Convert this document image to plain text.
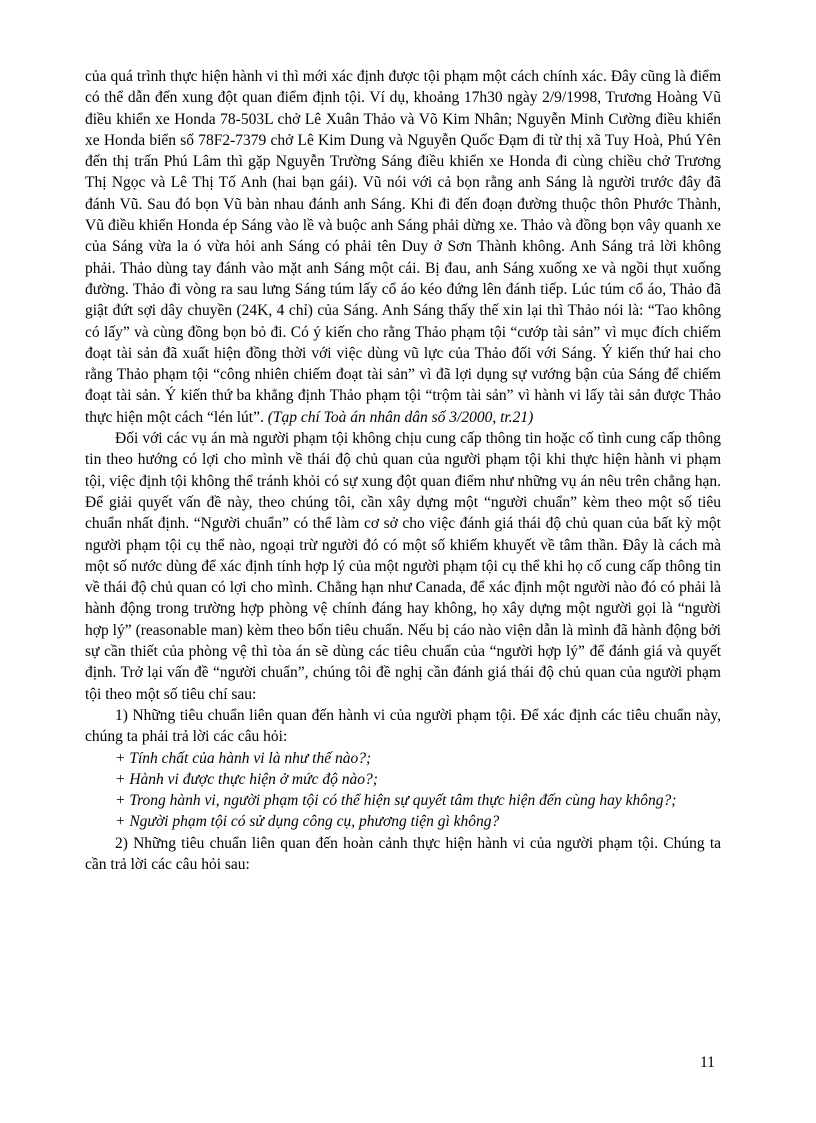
của quá trình thực hiện hành vi thì mới xác định được tội phạm một cách chính xác. Đây cũng là điểm có thể dẫn đến xung đột quan điểm định tội. Ví dụ, khoảng 17h30 ngày 2/9/1998, Trương Hoàng Vũ điều khiển xe Honda 78-503L chở Lê Xuân Thảo và Võ Kim Nhân; Nguyễn Minh Cường điều khiển xe Honda biển số 78F2-7379 chở Lê Kim Dung và Nguyễn Quốc Đạm đi từ thị xã Tuy Hoà, Phú Yên đến thị trấn Phú Lâm thì gặp Nguyễn Trường Sáng điều khiển xe Honda đi cùng chiều chở Trương Thị Ngọc và Lê Thị Tố Anh (hai bạn gái). Vũ nói với cả bọn rằng anh Sáng là người trước đây đã đánh Vũ. Sau đó bọn Vũ bàn nhau đánh anh Sáng. Khi đi đến đoạn đường thuộc thôn Phước Thành, Vũ điều khiển Honda ép Sáng vào lề và buộc anh Sáng phải dừng xe. Thảo và đồng bọn vây quanh xe của Sáng vừa la ó vừa hỏi anh Sáng có phải tên Duy ở Sơn Thành không. Anh Sáng trả lời không phải. Thảo dùng tay đánh vào mặt anh Sáng một cái. Bị đau, anh Sáng xuống xe và ngồi thụt xuống đường. Thảo đi vòng ra sau lưng Sáng túm lấy cổ áo kéo đứng lên đánh tiếp. Lúc túm cổ áo, Thảo đã giật đứt sợi dây chuyền (24K, 4 chỉ) của Sáng. Anh Sáng thấy thế xin lại thì Thảo nói là: “Tao không có lấy” và cùng đồng bọn bỏ đi. Có ý kiến cho rằng Thảo phạm tội “cướp tài sản” vì mục đích chiếm đoạt tài sản đã xuất hiện đồng thời với việc dùng vũ lực của Thảo đối với Sáng. Ý kiến thứ hai cho rằng Thảo phạm tội “công nhiên chiếm đoạt tài sản” vì đã lợi dụng sự vướng bận của Sáng để chiếm đoạt tài sản. Ý kiến thứ ba khẳng định Thảo phạm tội “trộm tài sản” vì hành vi lấy tài sản được Thảo thực hiện một cách “lén lút”. (Tạp chí Toà án nhân dân số 3/2000, tr.21)

Đối với các vụ án mà người phạm tội không chịu cung cấp thông tin hoặc cố tình cung cấp thông tin theo hướng có lợi cho mình về thái độ chủ quan của người phạm tội khi thực hiện hành vi phạm tội, việc định tội không thể tránh khỏi có sự xung đột quan điểm như những vụ án nêu trên chẳng hạn. Để giải quyết vấn đề này, theo chúng tôi, cần xây dựng một “người chuẩn” kèm theo một số tiêu chuẩn nhất định. “Người chuẩn” có thể làm cơ sở cho việc đánh giá thái độ chủ quan của bất kỳ một người phạm tội cụ thể nào, ngoại trừ người đó có một số khiếm khuyết về tâm thần. Đây là cách mà một số nước dùng để xác định tính hợp lý của một người phạm tội cụ thể khi họ cố cung cấp thông tin về thái độ chủ quan có lợi cho mình. Chẳng hạn như Canada, để xác định một người nào đó có phải là hành động trong trường hợp phòng vệ chính đáng hay không, họ xây dựng một người gọi là “người hợp lý” (reasonable man) kèm theo bốn tiêu chuẩn. Nếu bị cáo nào viện dẫn là mình đã hành động bởi sự cần thiết của phòng vệ thì tòa án sẽ dùng các tiêu chuẩn của “người hợp lý” để đánh giá và quyết định. Trở lại vấn đề “người chuẩn”, chúng tôi đề nghị cần đánh giá thái độ chủ quan của người phạm tội theo một số tiêu chí sau:

1) Những tiêu chuẩn liên quan đến hành vi của người phạm tội. Để xác định các tiêu chuẩn này, chúng ta phải trả lời các câu hỏi:

+ Tính chất của hành vi là như thế nào?;

+ Hành vi được thực hiện ở mức độ nào?;

+ Trong hành vi, người phạm tội có thể hiện sự quyết tâm thực hiện đến cùng hay không?;

+ Người phạm tội có sử dụng công cụ, phương tiện gì không?

2) Những tiêu chuẩn liên quan đến hoàn cảnh thực hiện hành vi của người phạm tội. Chúng ta cần trả lời các câu hỏi sau:

11
